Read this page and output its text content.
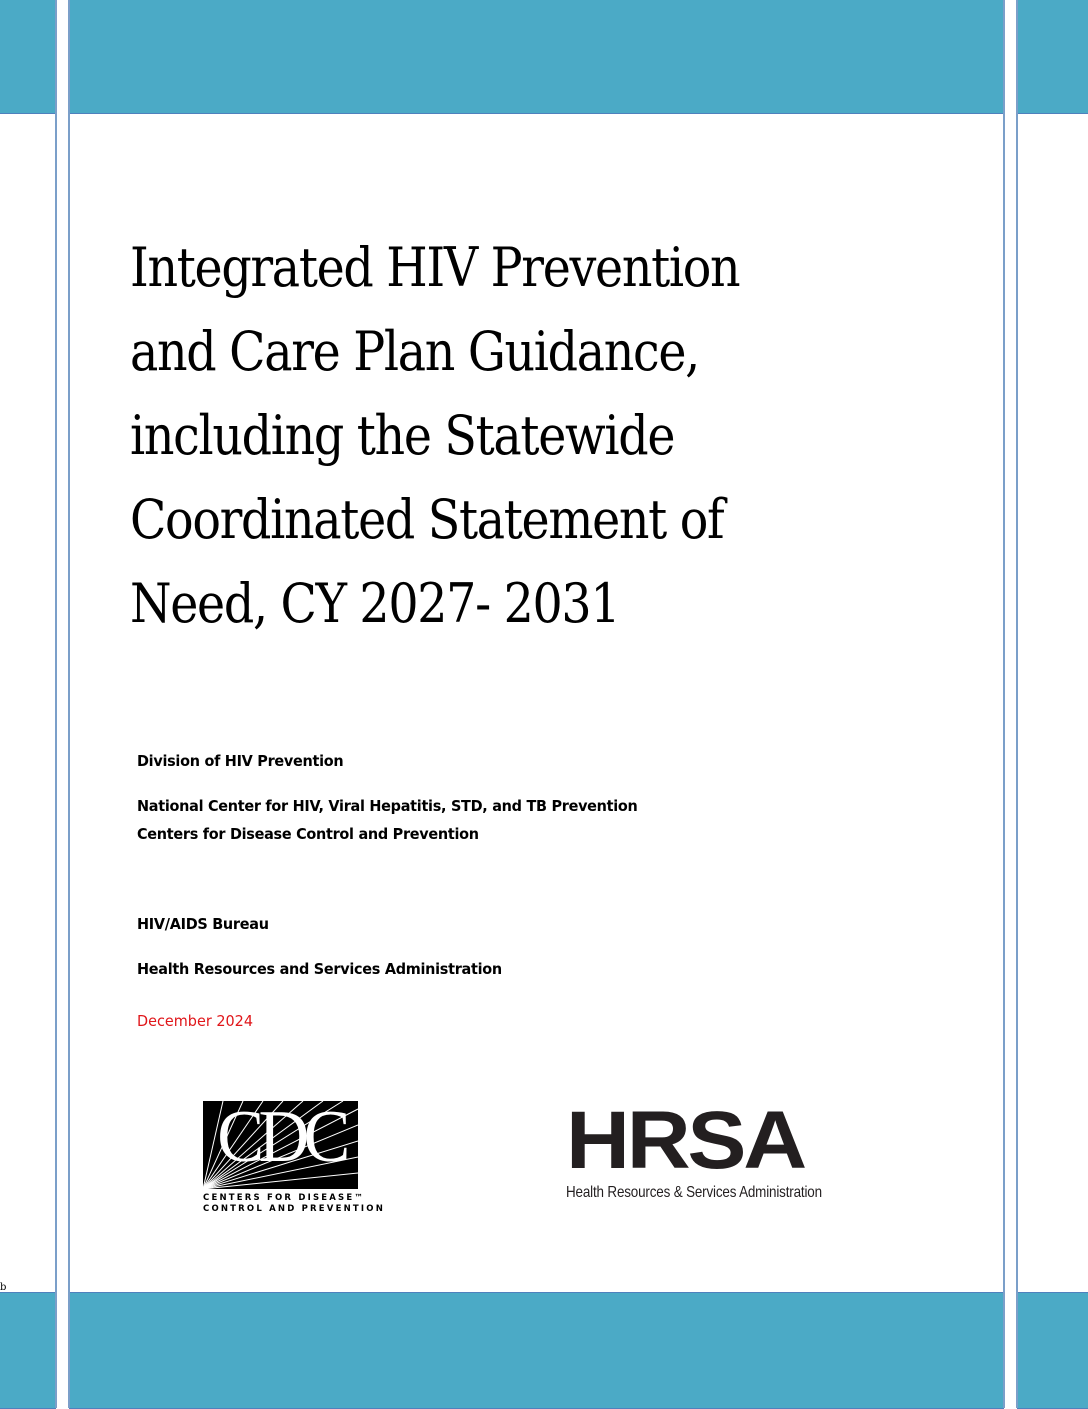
b
Integrated HIV Prevention
and Care Plan Guidance,
including the Statewide
Coordinated Statement of
Need, CY 2027- 2031
Division of HIV Prevention
National Center for HIV, Viral Hepatitis, STD, and TB Prevention
Centers for Disease Control and Prevention
HIV/AIDS Bureau
Health Resources and Services Administration
December 2024
CDC
CENTERS FOR DISEASE™
CONTROL AND PREVENTION
HRSA
Health Resources & Services Administration
